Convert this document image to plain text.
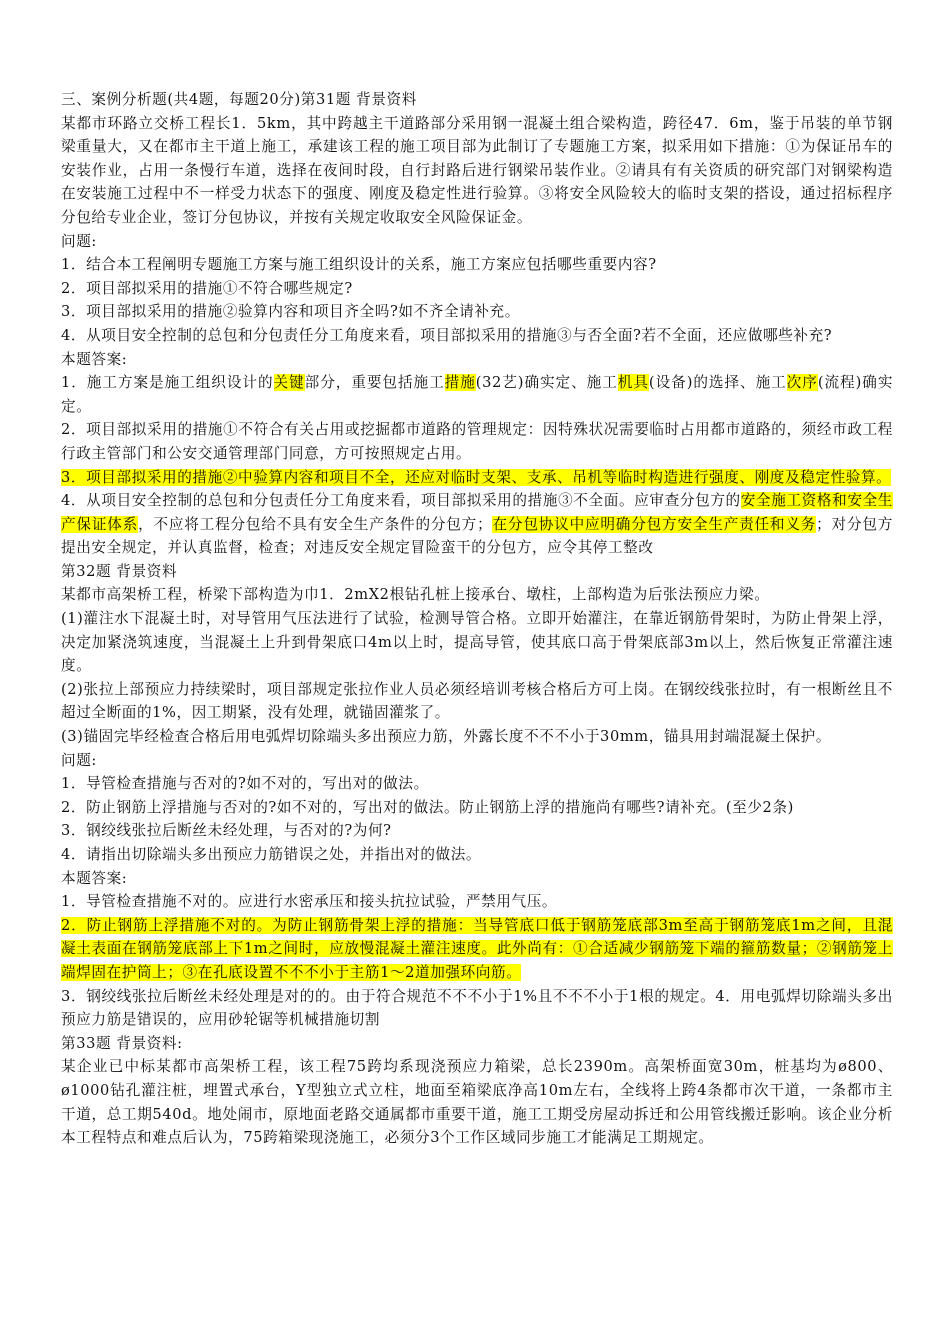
三、案例分析题(共4题，每题20分)第31题 背景资料

某都市环路立交桥工程长1．5km，其中跨越主干道路部分采用钢一混凝土组合梁构造，跨径47．6m，鉴于吊装的单节钢梁重量大，又在都市主干道上施工，承建该工程的施工项目部为此制订了专题施工方案，拟采用如下措施：①为保证吊车的安装作业，占用一条慢行车道，选择在夜间时段，自行封路后进行钢梁吊装作业。②请具有有关资质的研究部门对钢梁构造在安装施工过程中不一样受力状态下的强度、刚度及稳定性进行验算。③将安全风险较大的临时支架的搭设，通过招标程序分包给专业企业，签订分包协议，并按有关规定收取安全风险保证金。

问题:

1．结合本工程阐明专题施工方案与施工组织设计的关系，施工方案应包括哪些重要内容?

2．项目部拟采用的措施①不符合哪些规定?

3．项目部拟采用的措施②验算内容和项目齐全吗?如不齐全请补充。

4．从项目安全控制的总包和分包责任分工角度来看，项目部拟采用的措施③与否全面?若不全面，还应做哪些补充?

本题答案:

1．施工方案是施工组织设计的关键部分，重要包括施工措施(32艺)确实定、施工机具(设备)的选择、施工次序(流程)确实定。

2．项目部拟采用的措施①不符合有关占用或挖掘都市道路的管理规定：因特殊状况需要临时占用都市道路的，须经市政工程行政主管部门和公安交通管理部门同意，方可按照规定占用。

3．项目部拟采用的措施②中验算内容和项目不全，还应对临时支架、支承、吊机等临时构造进行强度、刚度及稳定性验算。

4．从项目安全控制的总包和分包责任分工角度来看，项目部拟采用的措施③不全面。应审查分包方的安全施工资格和安全生产保证体系，不应将工程分包给不具有安全生产条件的分包方；在分包协议中应明确分包方安全生产责任和义务；对分包方提出安全规定，并认真监督，检查；对违反安全规定冒险蛮干的分包方，应令其停工整改

第32题 背景资料

某都市高架桥工程，桥梁下部构造为巾1．2mX2根钻孔桩上接承台、墩柱，上部构造为后张法预应力梁。

(1)灌注水下混凝土时，对导管用气压法进行了试验，检测导管合格。立即开始灌注，在靠近钢筋骨架时，为防止骨架上浮，决定加紧浇筑速度，当混凝土上升到骨架底口4m以上时，提高导管，使其底口高于骨架底部3m以上，然后恢复正常灌注速度。

(2)张拉上部预应力持续梁时，项目部规定张拉作业人员必须经培训考核合格后方可上岗。在钢绞线张拉时，有一根断丝且不超过全断面的1%，因工期紧，没有处理，就锚固灌浆了。

(3)锚固完毕经检查合格后用电弧焊切除端头多出预应力筋，外露长度不不不小于30mm，锚具用封端混凝土保护。

问题:

1．导管检查措施与否对的?如不对的，写出对的做法。

2．防止钢筋上浮措施与否对的?如不对的，写出对的做法。防止钢筋上浮的措施尚有哪些?请补充。(至少2条)

3．钢绞线张拉后断丝未经处理，与否对的?为何?

4．请指出切除端头多出预应力筋错误之处，并指出对的做法。

本题答案:

1．导管检查措施不对的。应进行水密承压和接头抗拉试验，严禁用气压。

2．防止钢筋上浮措施不对的。为防止钢筋骨架上浮的措施：当导管底口低于钢筋笼底部3m至高于钢筋笼底1m之间，且混凝土表面在钢筋笼底部上下1m之间时，应放慢混凝土灌注速度。此外尚有：①合适减少钢筋笼下端的箍筋数量；②钢筋笼上端焊固在护筒上；③在孔底设置不不不小于主筋1～2道加强环向筋。

3．钢绞线张拉后断丝未经处理是对的的。由于符合规范不不不小于1%且不不不小于1根的规定。4．用电弧焊切除端头多出预应力筋是错误的，应用砂轮锯等机械措施切割

第33题 背景资料:

某企业已中标某都市高架桥工程，该工程75跨均系现浇预应力箱梁，总长2390m。高架桥面宽30m，桩基均为ø800、ø1000钻孔灌注桩，埋置式承台，Y型独立式立柱，地面至箱梁底净高10m左右，全线将上跨4条都市次干道，一条都市主干道，总工期540d。地处闹市，原地面老路交通属都市重要干道，施工工期受房屋动拆迁和公用管线搬迁影响。该企业分析本工程特点和难点后认为，75跨箱梁现浇施工，必须分3个工作区域同步施工才能满足工期规定。
